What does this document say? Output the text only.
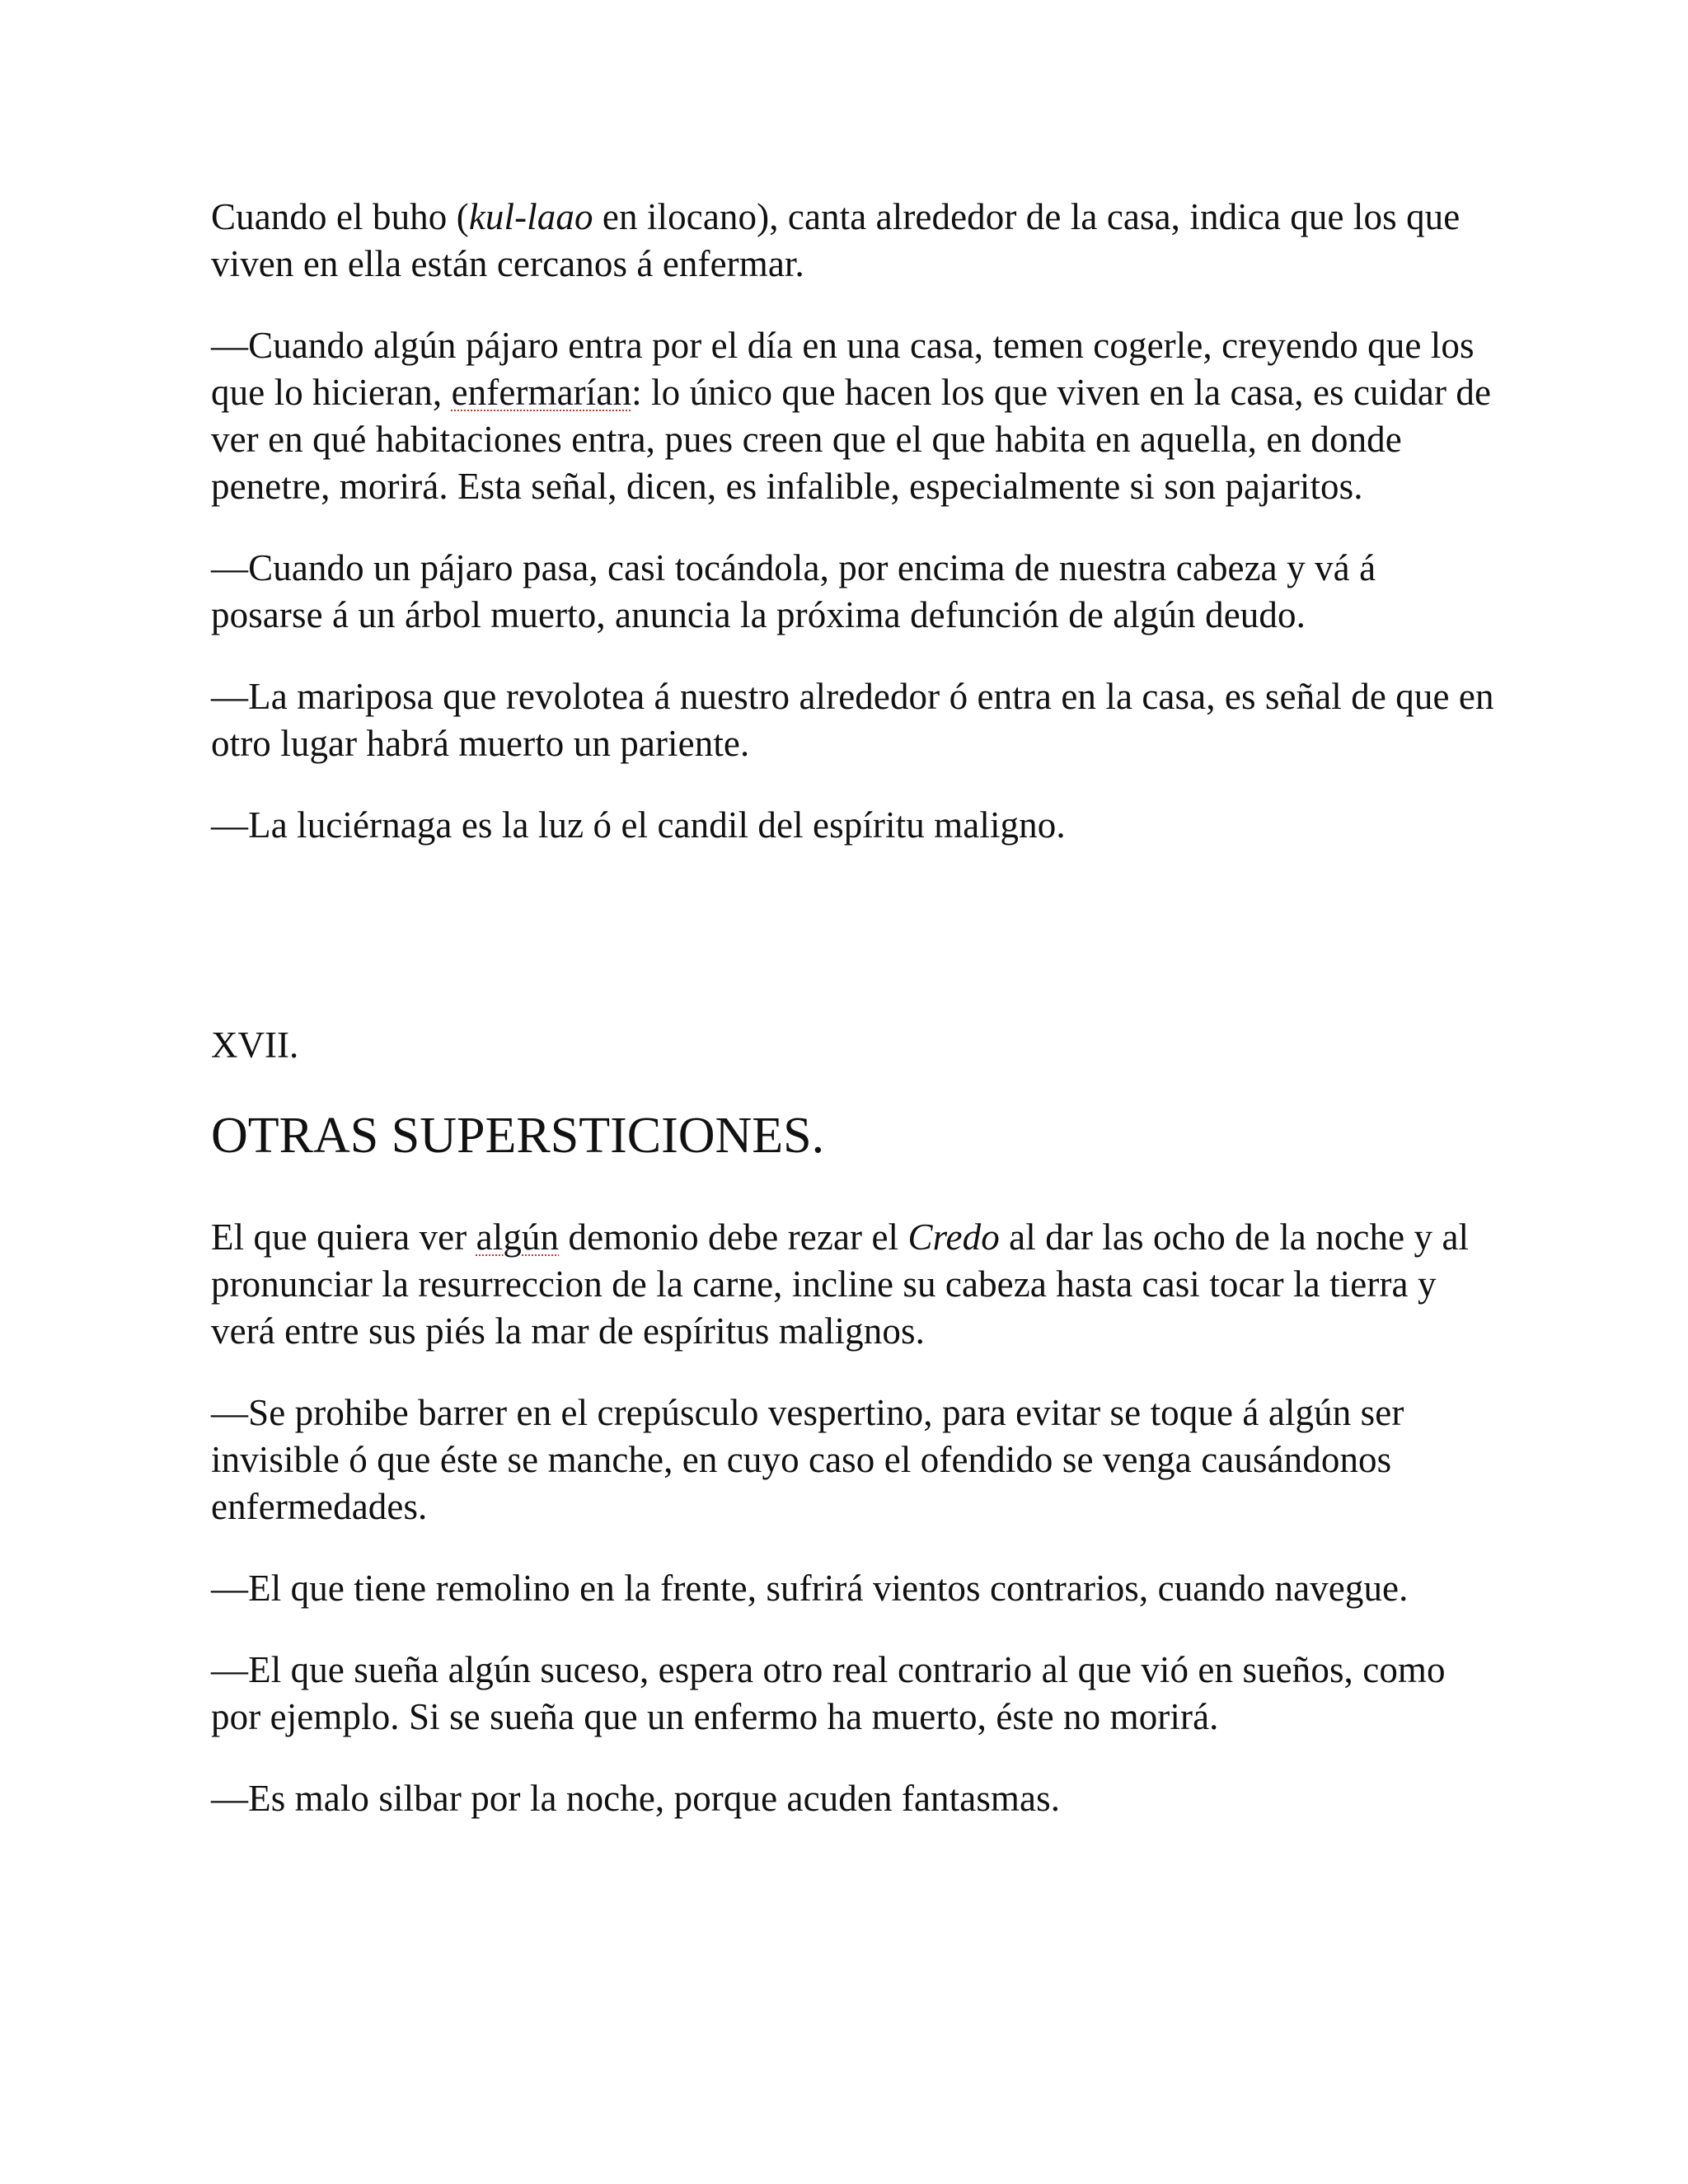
Cuando el buho (kul-laao en ilocano), canta alrededor de la casa, indica que los que viven en ella están cercanos á enfermar.

—Cuando algún pájaro entra por el día en una casa, temen cogerle, creyendo que los que lo hicieran, enfermarían: lo único que hacen los que viven en la casa, es cuidar de ver en qué habitaciones entra, pues creen que el que habita en aquella, en donde penetre, morirá. Esta señal, dicen, es infalible, especialmente si son pajaritos.

—Cuando un pájaro pasa, casi tocándola, por encima de nuestra cabeza y vá á posarse á un árbol muerto, anuncia la próxima defunción de algún deudo.

—La mariposa que revolotea á nuestro alrededor ó entra en la casa, es señal de que en otro lugar habrá muerto un pariente.

—La luciérnaga es la luz ó el candil del espíritu maligno.

XVII.
OTRAS SUPERSTICIONES.

El que quiera ver algún demonio debe rezar el Credo al dar las ocho de la noche y al pronunciar la resurreccion de la carne, incline su cabeza hasta casi tocar la tierra y verá entre sus piés la mar de espíritus malignos.

—Se prohibe barrer en el crepúsculo vespertino, para evitar se toque á algún ser invisible ó que éste se manche, en cuyo caso el ofendido se venga causándonos enfermedades.

—El que tiene remolino en la frente, sufrirá vientos contrarios, cuando navegue.

—El que sueña algún suceso, espera otro real contrario al que vió en sueños, como por ejemplo. Si se sueña que un enfermo ha muerto, éste no morirá.

—Es malo silbar por la noche, porque acuden fantasmas.
